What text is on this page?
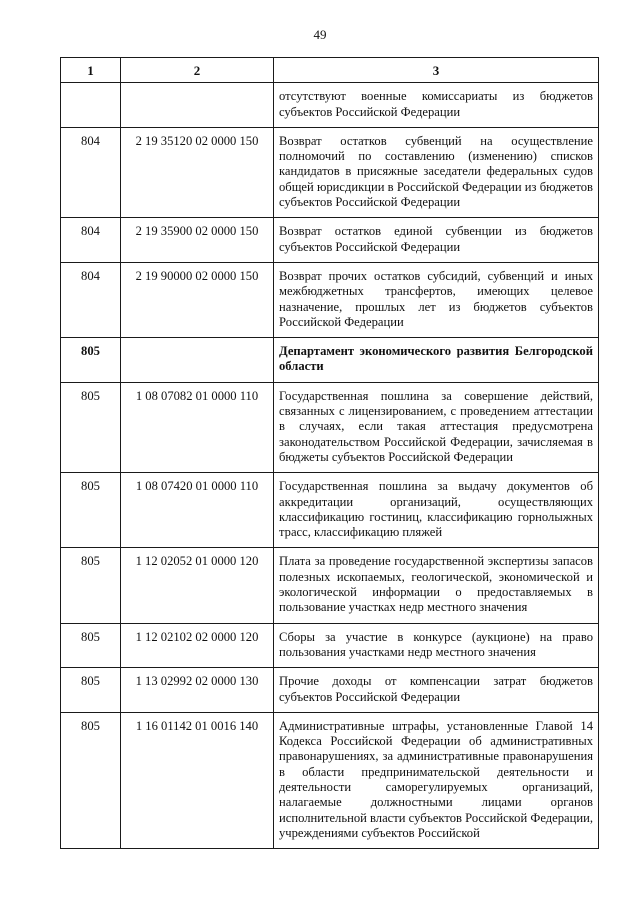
49
1	2	3
		отсутствуют военные комиссариаты из бюджетов субъектов Российской Федерации
804	2 19 35120 02 0000 150	Возврат остатков субвенций на осуществление полномочий по составлению (изменению) списков кандидатов в присяжные заседатели федеральных судов общей юрисдикции в Российской Федерации из бюджетов субъектов Российской Федерации
804	2 19 35900 02 0000 150	Возврат остатков единой субвенции из бюджетов субъектов Российской Федерации
804	2 19 90000 02 0000 150	Возврат прочих остатков субсидий, субвенций и иных межбюджетных трансфертов, имеющих целевое назначение, прошлых лет из бюджетов субъектов Российской Федерации
805		Департамент экономического развития Белгородской области
805	1 08 07082 01 0000 110	Государственная пошлина за совершение действий, связанных с лицензированием, с проведением аттестации в случаях, если такая аттестация предусмотрена законодательством Российской Федерации, зачисляемая в бюджеты субъектов Российской Федерации
805	1 08 07420 01 0000 110	Государственная пошлина за выдачу документов об аккредитации организаций, осуществляющих классификацию гостиниц, классификацию горнолыжных трасс, классификацию пляжей
805	1 12 02052 01 0000 120	Плата за проведение государственной экспертизы запасов полезных ископаемых, геологической, экономической и экологической информации о предоставляемых в пользование участках недр местного значения
805	1 12 02102 02 0000 120	Сборы за участие в конкурсе (аукционе) на право пользования участками недр местного значения
805	1 13 02992 02 0000 130	Прочие доходы от компенсации затрат бюджетов субъектов Российской Федерации
805	1 16 01142 01 0016 140	Административные штрафы, установленные Главой 14 Кодекса Российской Федерации об административных правонарушениях, за административные правонарушения в области предпринимательской деятельности и деятельности саморегулируемых организаций, налагаемые должностными лицами органов исполнительной власти субъектов Российской Федерации, учреждениями субъектов Российской
